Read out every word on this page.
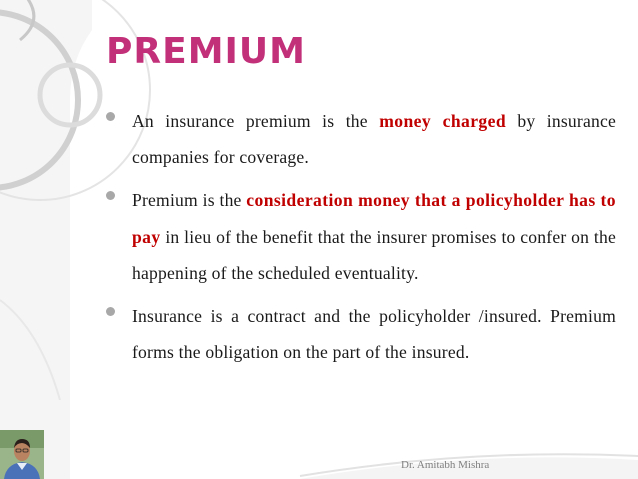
PREMIUM

An insurance premium is the money charged by insurance companies for coverage.

Premium is the consideration money that a policyholder has to pay in lieu of the benefit that the insurer promises to confer on the happening of the scheduled eventuality.

Insurance is a contract and the policyholder /insured. Premium forms the obligation on the part of the insured.

Dr. Amitabh Mishra
